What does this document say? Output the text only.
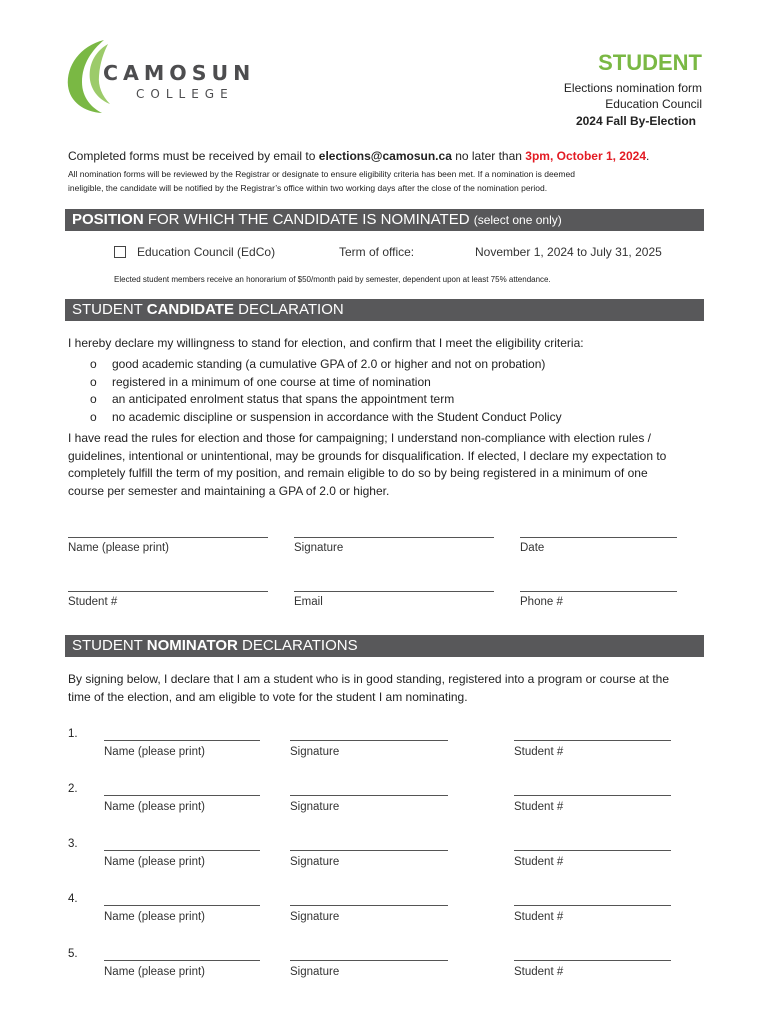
CAMOSUN
COLLEGE
STUDENT
Elections nomination form
Education Council
2024 Fall By-Election
Completed forms must be received by email to elections@camosun.ca no later than 3pm, October 1, 2024.
All nomination forms will be reviewed by the Registrar or designate to ensure eligibility criteria has been met. If a nomination is deemed
ineligible, the candidate will be notified by the Registrar’s office within two working days after the close of the nomination period.
POSITION FOR WHICH THE CANDIDATE IS NOMINATED (select one only)
Education Council (EdCo)	Term of office:	November 1, 2024 to July 31, 2025
Elected student members receive an honorarium of $50/month paid by semester, dependent upon at least 75% attendance.
STUDENT CANDIDATE DECLARATION
I hereby declare my willingness to stand for election, and confirm that I meet the eligibility criteria:
o good academic standing (a cumulative GPA of 2.0 or higher and not on probation)
o registered in a minimum of one course at time of nomination
o an anticipated enrolment status that spans the appointment term
o no academic discipline or suspension in accordance with the Student Conduct Policy
I have read the rules for election and those for campaigning; I understand non-compliance with election rules /
guidelines, intentional or unintentional, may be grounds for disqualification. If elected, I declare my expectation to
completely fulfill the term of my position, and remain eligible to do so by being registered in a minimum of one
course per semester and maintaining a GPA of 2.0 or higher.
Name (please print)	Signature	Date
Student #	Email	Phone #
STUDENT NOMINATOR DECLARATIONS
By signing below, I declare that I am a student who is in good standing, registered into a program or course at the
time of the election, and am eligible to vote for the student I am nominating.
1.
Name (please print)	Signature	Student #
2.
Name (please print)	Signature	Student #
3.
Name (please print)	Signature	Student #
4.
Name (please print)	Signature	Student #
5.
Name (please print)	Signature	Student #
